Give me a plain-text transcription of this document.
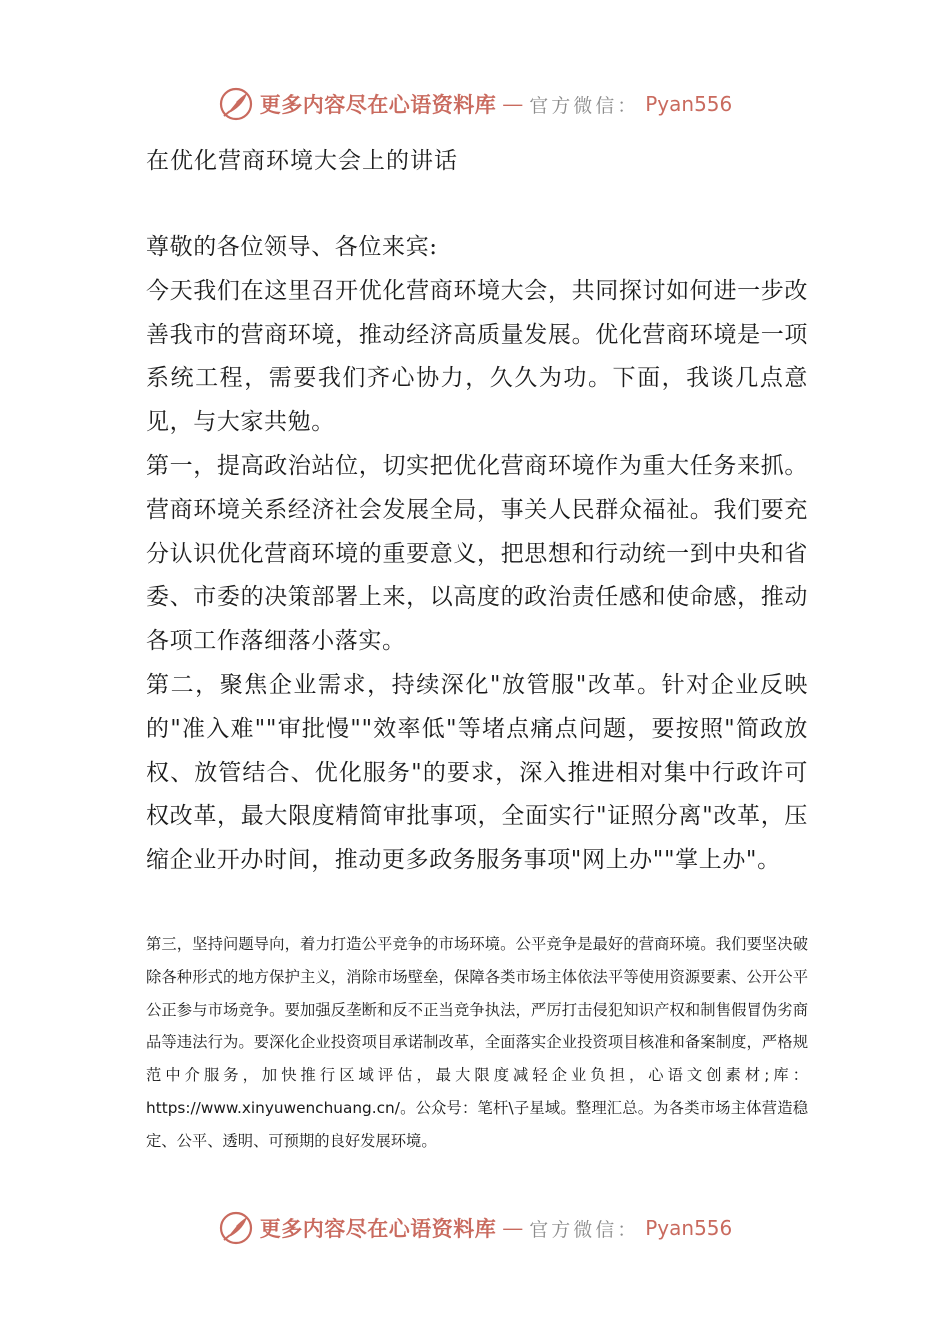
更多内容尽在心语资料库 — 官方微信： Pyan556
在优化营商环境大会上的讲话

尊敬的各位领导、各位来宾:

今天我们在这里召开优化营商环境大会，共同探讨如何进一步改善我市的营商环境，推动经济高质量发展。优化营商环境是一项系统工程，需要我们齐心协力，久久为功。下面，我谈几点意见，与大家共勉。

第一，提高政治站位，切实把优化营商环境作为重大任务来抓。营商环境关系经济社会发展全局，事关人民群众福祉。我们要充分认识优化营商环境的重要意义，把思想和行动统一到中央和省委、市委的决策部署上来，以高度的政治责任感和使命感，推动各项工作落细落小落实。

第二，聚焦企业需求，持续深化"放管服"改革。针对企业反映的"准入难""审批慢""效率低"等堵点痛点问题，要按照"简政放权、放管结合、优化服务"的要求，深入推进相对集中行政许可权改革，最大限度精简审批事项，全面实行"证照分离"改革，压缩企业开办时间，推动更多政务服务事项"网上办""掌上办"。

第三，坚持问题导向，着力打造公平竞争的市场环境。公平竞争是最好的营商环境。我们要坚决破除各种形式的地方保护主义，消除市场壁垒，保障各类市场主体依法平等使用资源要素、公开公平公正参与市场竞争。要加强反垄断和反不正当竞争执法，严厉打击侵犯知识产权和制售假冒伪劣商品等违法行为。要深化企业投资项目承诺制改革，全面落实企业投资项目核准和备案制度，严格规范中介服务，加快推行区域评估，最大限度减轻企业负担，心语文创素材;库：https://www.xinyuwenchuang.cn/。公众号：笔杆\子星域。整理汇总。为各类市场主体营造稳定、公平、透明、可预期的良好发展环境。

更多内容尽在心语资料库 — 官方微信： Pyan556
